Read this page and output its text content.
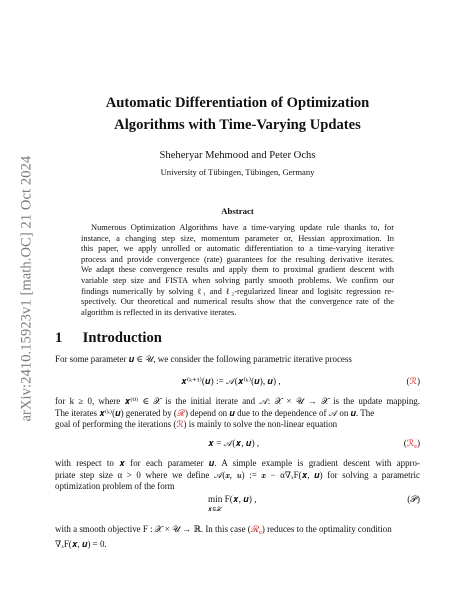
arXiv:2410.15923v1 [math.OC] 21 Oct 2024
Automatic Differentiation of Optimization
Algorithms with Time-Varying Updates
Sheheryar Mehmood and Peter Ochs
University of Tübingen, Tübingen, Germany
Abstract
Numerous Optimization Algorithms have a time-varying update rule thanks to, for
instance, a changing step size, momentum parameter or, Hessian approximation. In
this paper, we apply unrolled or automatic differentiation to a time-varying iterative
process and provide convergence (rate) guarantees for the resulting derivative iterates.
We adapt these convergence results and apply them to proximal gradient descent with
variable step size and FISTA when solving partly smooth problems. We confirm our
findings numerically by solving ℓ₁ and ℓ₂-regularized linear and logisitc regression re-
spectively. Our theoretical and numerical results show that the convergence rate of the
algorithm is reflected in its derivative iterates.
1 Introduction
For some parameter 𝒖 ∈ 𝒰, we consider the following parametric iterative process
𝒙⁽ᵏ⁺¹⁾(𝒖) := 𝒜(𝒙⁽ᵏ⁾(𝒖), 𝒖) ,	(ℛ)
for k ≥ 0, where 𝒙⁽⁰⁾ ∈ 𝒳 is the initial iterate and 𝒜: 𝒳 × 𝒰 → 𝒳 is the update mapping.
The iterates 𝒙⁽ᵏ⁾(𝒖) generated by (ℛ) depend on 𝒖 due to the dependence of 𝒜 on 𝒖. The
goal of performing the iterations (ℛ) is mainly to solve the non-linear equation
𝒙 = 𝒜(𝒙, 𝒖) ,	(ℛ$_e$)
with respect to 𝒙 for each parameter 𝒖. A simple example is gradient descent with appro-
priate step size α > 0 where we define 𝒜(𝒙, 𝒖) := 𝒙 − α∇ₓF(𝒙, 𝒖) for solving a parametric
optimization problem of the form
min F(𝒙, 𝒖) ,
𝒙∈𝒳
(𝒫)
with a smooth objective F : 𝒳 × 𝒰 → ℝ. In this case (ℛ$_e$) reduces to the optimality condition
∇ₓF(𝒙, 𝒖) = 0.
